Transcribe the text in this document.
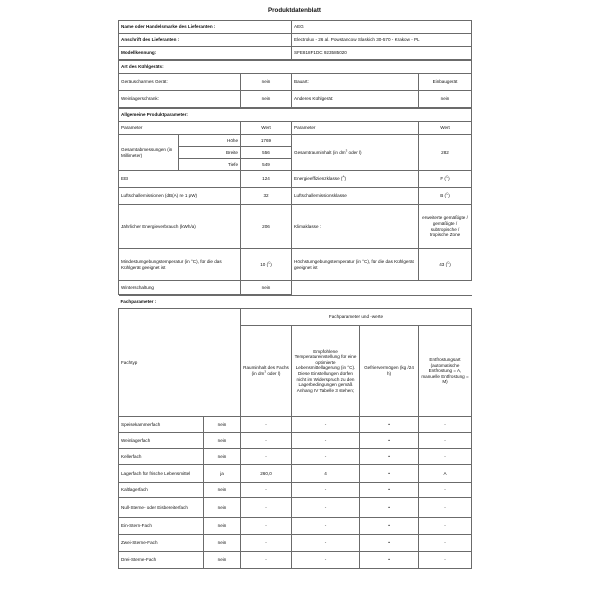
Produktdatenblatt
Name oder Handelsmarke des Lieferanten :	AEG
Anschrift des Lieferanten :	Electrolux - 26 al. Powstancow Slaskich 30-570 - Krakow - PL
Modellkennung:	SFE818F1DC 923585020
Art des Kühlgeräts:			
Geräuscharmes Gerät:	nein	Bauart:	Einbaugerät
Weinlagerschrank:	nein	Anderes Kühlgerät:	nein
Allgemeine Produktparameter:				
Parameter		Wert	Parameter	Wert
Gesamtabmessungen (in Millimeter)	Höhe	1769	Gesamtrauminhalt (in $dm^3$ oder l)	282
	Breite	556		
	Tiefe	549		
EEI		124	Energieeffizienzklasse ($^A$)	F ($^C$)
Luftschallemissionen (dB(A) re 1 pW)		32	Luftschallemissionsklasse	B ($^C$)
Jährlicher Energieverbrauch (kWh/a)		206	Klimaklasse :	erweiterte gemäßigte / gemäßigte / subtropische / tropische Zone
Mindestumgebungstemperatur (in °C), für die das Kühlgerät geeignet ist		10 ($^C$)	Höchstumgebungstemperatur (in °C), für die das Kühlgerät geeignet ist	43 ($^C$)
Winterschaltung		nein		
Fachparameter :					
Fachtyp		Fachparameter und -werte			
		Rauminhalt des Fachs (in $dm^3$ oder l)	Empfohlene Temperatureinstellung für eine optimierte Lebensmittellagerung (in °C). Diese Einstellungen dürfen nicht im Widerspruch zu den Lagerbedingungen gemäß Anhang IV Tabelle 3 stehen;	Gefriervermögen (kg /24 h)	Entfrostungsart (automatische Entfrostung = A, manuelle Entfrostung = M)
Speisekammerfach	nein	-	-	•	-
Weinlagerfach	nein	-	-	•	-
Kellerfach	nein	-	-	•	-
Lagerfach für frische Lebensmittel	ja	260,0	4	•	A
Kaltlagerfach	nein	-	-	•	-
Null-Sterne- oder Eisbereiterfach	nein	-	-	•	-
Ein-Stern-Fach	nein	-	-	•	-
Zwei-Sterne-Fach	nein	-	-	•	-
Drei-Sterne-Fach	nein	-	-	•	-
